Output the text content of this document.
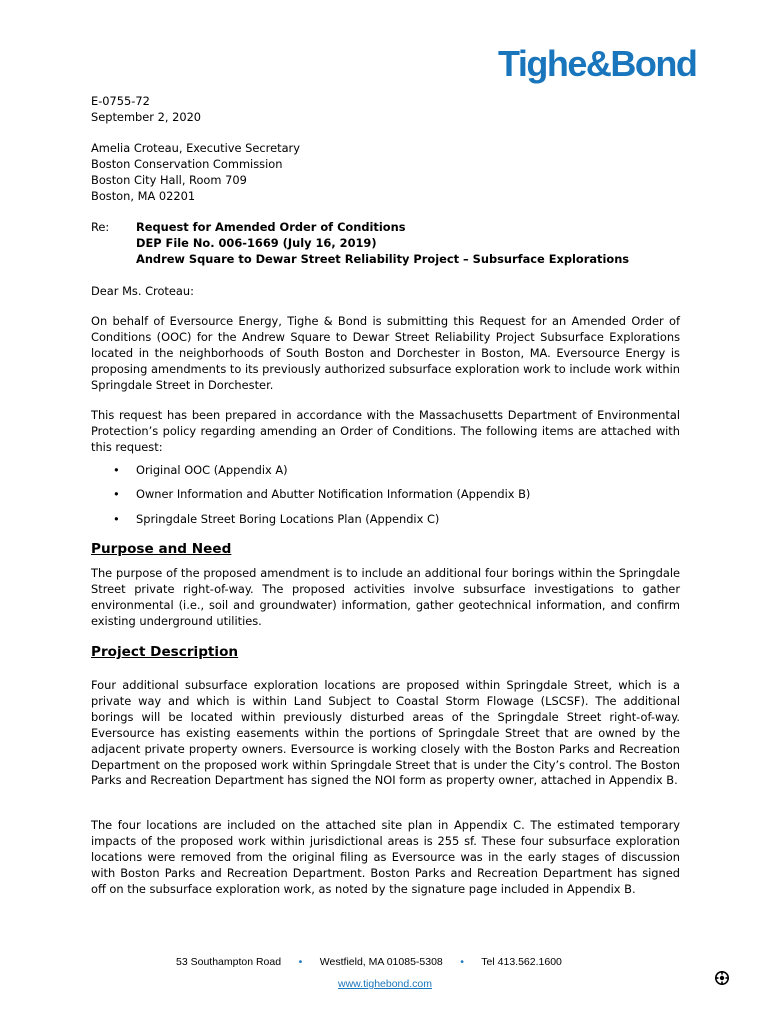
Tighe&Bond
E-0755-72
September 2, 2020
Amelia Croteau, Executive Secretary
Boston Conservation Commission
Boston City Hall, Room 709
Boston, MA 02201
Re: Request for Amended Order of Conditions
DEP File No. 006-1669 (July 16, 2019)
Andrew Square to Dewar Street Reliability Project – Subsurface Explorations
Dear Ms. Croteau:
On behalf of Eversource Energy, Tighe & Bond is submitting this Request for an Amended Order of Conditions (OOC) for the Andrew Square to Dewar Street Reliability Project Subsurface Explorations located in the neighborhoods of South Boston and Dorchester in Boston, MA. Eversource Energy is proposing amendments to its previously authorized subsurface exploration work to include work within Springdale Street in Dorchester.
This request has been prepared in accordance with the Massachusetts Department of Environmental Protection’s policy regarding amending an Order of Conditions. The following items are attached with this request:
• Original OOC (Appendix A)
• Owner Information and Abutter Notification Information (Appendix B)
• Springdale Street Boring Locations Plan (Appendix C)
Purpose and Need
The purpose of the proposed amendment is to include an additional four borings within the Springdale Street private right-of-way. The proposed activities involve subsurface investigations to gather environmental (i.e., soil and groundwater) information, gather geotechnical information, and confirm existing underground utilities.
Project Description
Four additional subsurface exploration locations are proposed within Springdale Street, which is a private way and which is within Land Subject to Coastal Storm Flowage (LSCSF). The additional borings will be located within previously disturbed areas of the Springdale Street right-of-way. Eversource has existing easements within the portions of Springdale Street that are owned by the adjacent private property owners. Eversource is working closely with the Boston Parks and Recreation Department on the proposed work within Springdale Street that is under the City’s control. The Boston Parks and Recreation Department has signed the NOI form as property owner, attached in Appendix B.
The four locations are included on the attached site plan in Appendix C. The estimated temporary impacts of the proposed work within jurisdictional areas is 255 sf. These four subsurface exploration locations were removed from the original filing as Eversource was in the early stages of discussion with Boston Parks and Recreation Department. Boston Parks and Recreation Department has signed off on the subsurface exploration work, as noted by the signature page included in Appendix B.
53 Southampton Road • Westfield, MA 01085-5308 • Tel 413.562.1600
www.tighebond.com
